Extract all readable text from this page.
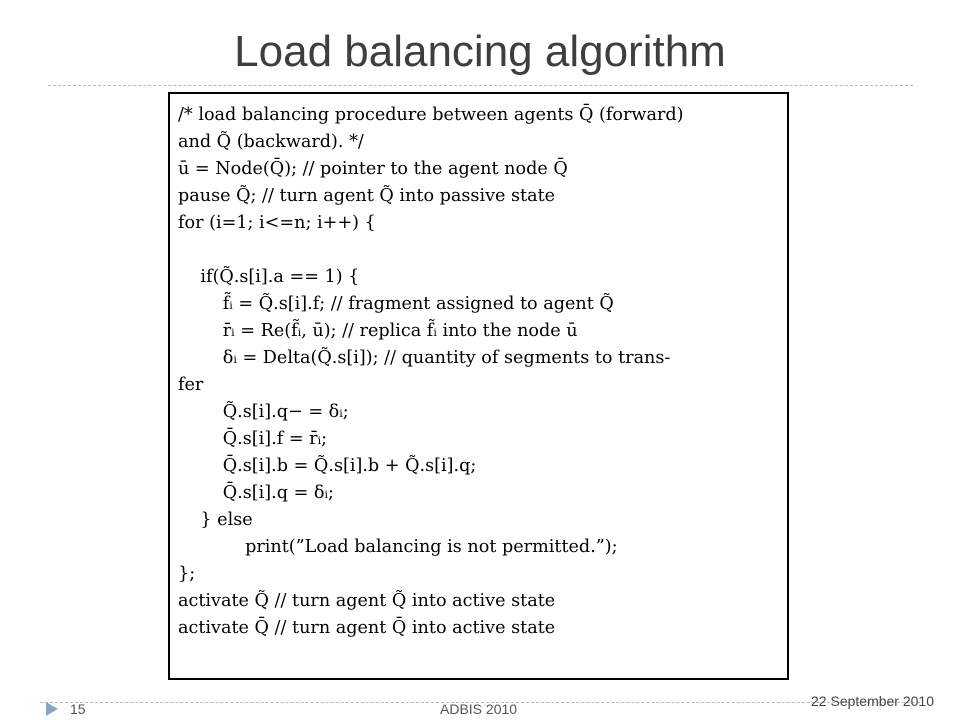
Load balancing algorithm
/* load balancing procedure between agents Q̄ (forward)
and Q̃ (backward). */
ū = Node(Q̄); // pointer to the agent node Q̄
pause Q̃; // turn agent Q̃ into passive state
for (i=1; i<=n; i++) {
if(Q̃.s[i].a == 1) {
f̃ᵢ = Q̃.s[i].f; // fragment assigned to agent Q̃
r̄ᵢ = Re(f̃ᵢ, ū); // replica f̃ᵢ into the node ū
δᵢ = Delta(Q̃.s[i]); // quantity of segments to trans-
fer
Q̃.s[i].q− = δᵢ;
Q̄.s[i].f = r̄ᵢ;
Q̄.s[i].b = Q̃.s[i].b + Q̃.s[i].q;
Q̄.s[i].q = δᵢ;
} else
print(”Load balancing is not permitted.”);
};
activate Q̃ // turn agent Q̃ into active state
activate Q̄ // turn agent Q̄ into active state
15	ADBIS 2010	22 September 2010
